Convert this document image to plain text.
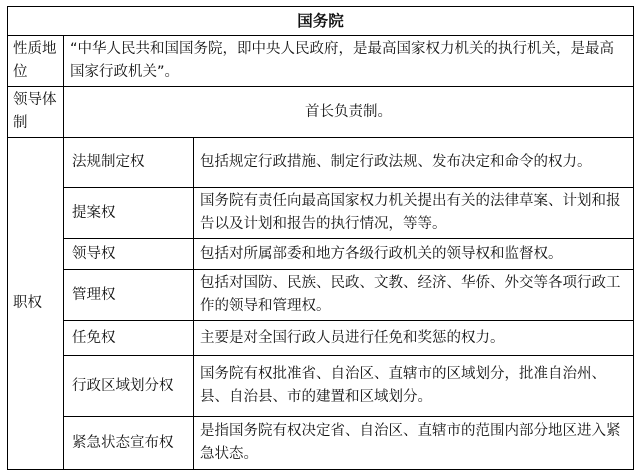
国务院		
性质地位	“中华人民共和国国务院，即中央人民政府，是最高国家权力机关的执行机关，是最高国家行政机关”。	
领导体制	首长负责制。	
职权	法规制定权	包括规定行政措施、制定行政法规、发布决定和命令的权力。
	提案权	国务院有责任向最高国家权力机关提出有关的法律草案、计划和报告以及计划和报告的执行情况，等等。
	领导权	包括对所属部委和地方各级行政机关的领导权和监督权。
	管理权	包括对国防、民族、民政、文教、经济、华侨、外交等各项行政工作的领导和管理权。
	任免权	主要是对全国行政人员进行任免和奖惩的权力。
	行政区域划分权	国务院有权批准省、自治区、直辖市的区域划分，批准自治州、县、自治县、市的建置和区域划分。
	紧急状态宣布权	是指国务院有权决定省、自治区、直辖市的范围内部分地区进入紧急状态。
